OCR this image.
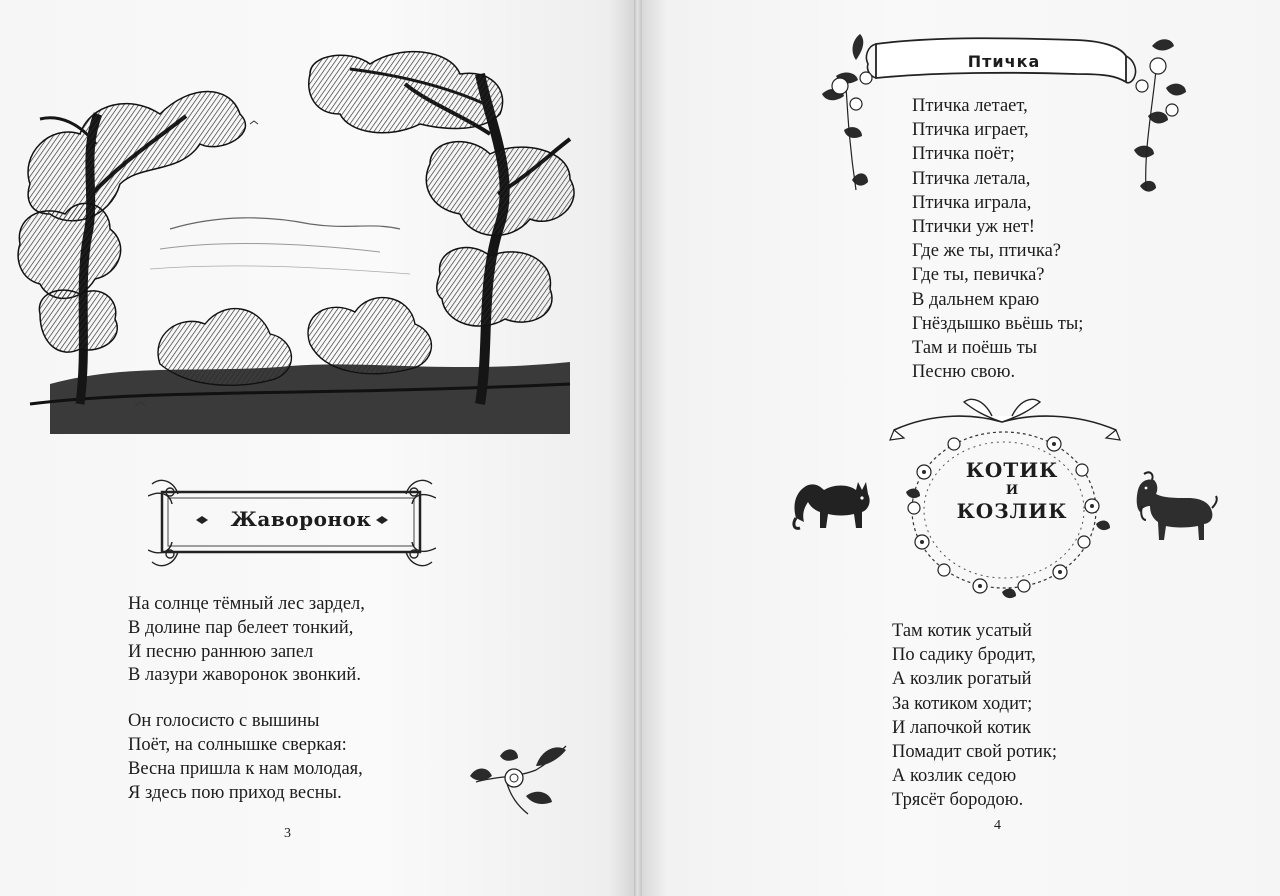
Жаворонок

На солнце тёмный лес зардел,

В долине пар белеет тонкий,

И песню раннюю запел

В лазури жаворонок звонкий.

Он голосисто с вышины

Поёт, на солнышке сверкая:

Весна пришла к нам молодая,

Я здесь пою приход весны.

3
Птичка

Птичка летает,

Птичка играет,

Птичка поёт;

Птичка летала,

Птичка играла,

Птички уж нет!

Где же ты, птичка?

Где ты, певичка?

В дальнем краю

Гнёздышко вьёшь ты;

Там и поёшь ты

Песню свою.

КОТИК
И
КОЗЛИК

Там котик усатый

По садику бродит,

А козлик рогатый

За котиком ходит;

И лапочкой котик

Помадит свой ротик;

А козлик седою

Трясёт бородою.

4
